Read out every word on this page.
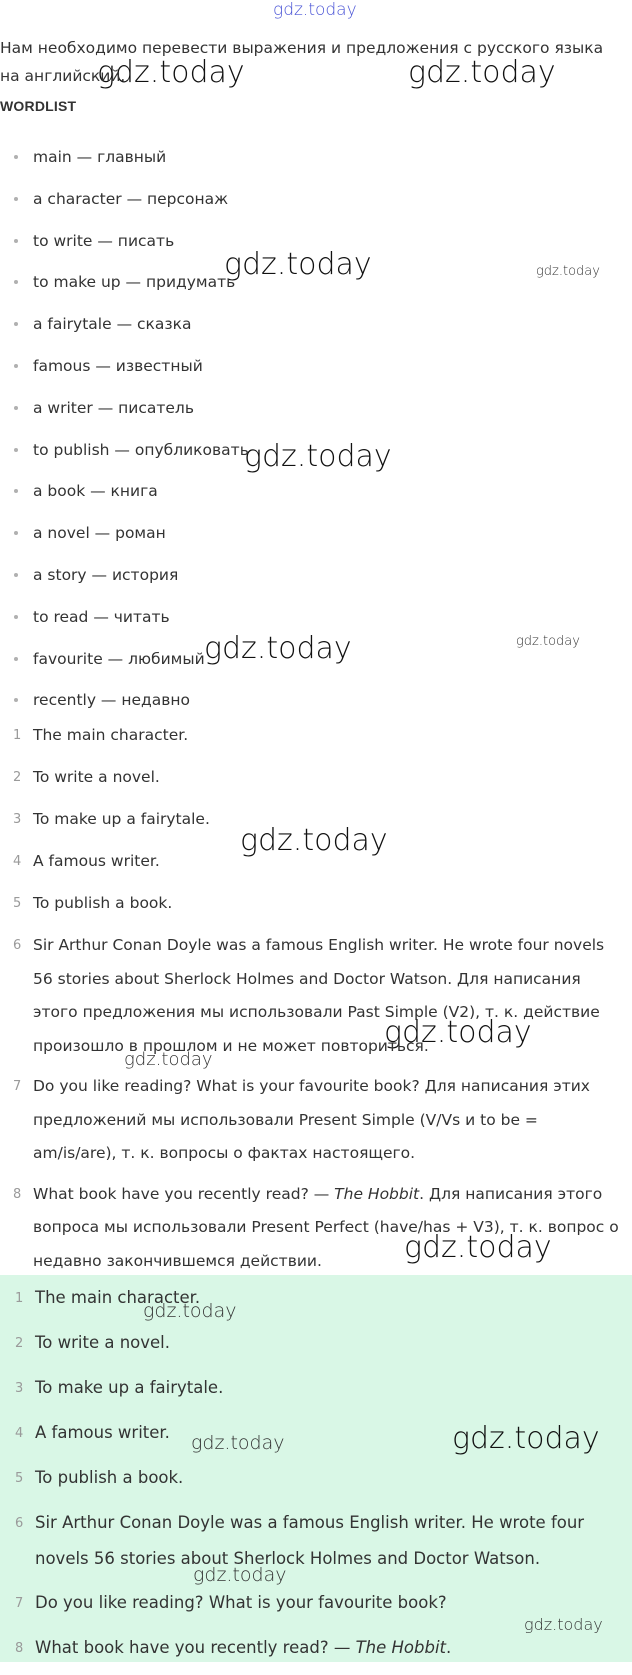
gdz.today
gdz.today	gdz.today
gdz.today	gdz.today
gdz.today
gdz.today	gdz.today
gdz.today
gdz.today
gdz.today
gdz.today
Нам необходимо перевести выражения и предложения с русского языка на английский.
WORDLIST
main — главный
a character — персонаж
to write — писать
to make up — придумать
a fairytale — сказка
famous — известный
a writer — писатель
to publish — опубликовать
a book — книга
a novel — роман
a story — история
to read — читать
favourite — любимый
recently — недавно
1 The main character.
2 To write a novel.
3 To make up a fairytale.
4 A famous writer.
5 To publish a book.
6 Sir Arthur Conan Doyle was a famous English writer. He wrote four novels 56 stories about Sherlock Holmes and Doctor Watson. Для написания этого предложения мы использовали Past Simple (V2), т. к. действие произошло в прошлом и не может повториться.
7 Do you like reading? What is your favourite book? Для написания этих предложений мы использовали Present Simple (V/Vs и to be = am/is/are), т. к. вопросы о фактах настоящего.
8 What book have you recently read? — The Hobbit. Для написания этого вопроса мы использовали Present Perfect (have/has + V3), т. к. вопрос о недавно закончившемся действии.
1 The main character.
2 To write a novel.
3 To make up a fairytale.
4 A famous writer.
5 To publish a book.
6 Sir Arthur Conan Doyle was a famous English writer. He wrote four novels 56 stories about Sherlock Holmes and Doctor Watson.
7 Do you like reading? What is your favourite book?
8 What book have you recently read? — The Hobbit.
gdz.today
gdz.today	gdz.today
gdz.today
gdz.today
